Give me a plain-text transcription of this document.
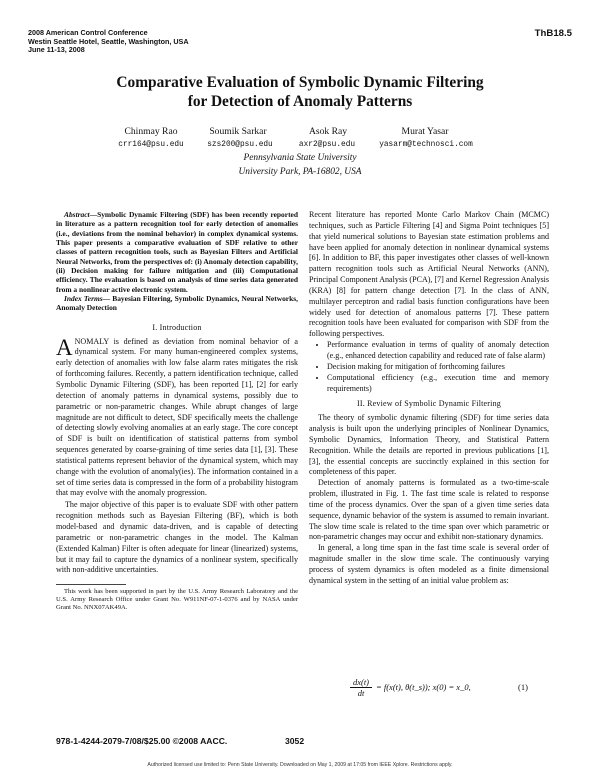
2008 American Control Conference
Westin Seattle Hotel, Seattle, Washington, USA
June 11-13, 2008
ThB18.5
Comparative Evaluation of Symbolic Dynamic Filtering
for Detection of Anomaly Patterns
Chinmay Rao	Soumik Sarkar	Asok Ray	Murat Yasar
crr164@psu.edu	szs200@psu.edu	axr2@psu.edu	yasarm@technosci.com
Pennsylvania State University
University Park, PA-16802, USA
Abstract—Symbolic Dynamic Filtering (SDF) has been recently reported in literature as a pattern recognition tool for early detection of anomalies (i.e., deviations from the nominal behavior) in complex dynamical systems. This paper presents a comparative evaluation of SDF relative to other classes of pattern recognition tools, such as Bayesian Filters and Artificial Neural Networks, from the perspectives of: (i) Anomaly detection capability, (ii) Decision making for failure mitigation and (iii) Computational efficiency. The evaluation is based on analysis of time series data generated from a nonlinear active electronic system.
Index Terms— Bayesian Filtering, Symbolic Dynamics, Neural Networks, Anomaly Detection
I. Introduction

ANOMALY is defined as deviation from nominal behavior of a dynamical system. For many human-engineered complex systems, early detection of anomalies with low false alarm rates mitigates the risk of forthcoming failures. Recently, a pattern identification technique, called Symbolic Dynamic Filtering (SDF), has been reported [1], [2] for early detection of anomaly patterns in dynamical systems, possibly due to parametric or non-parametric changes. While abrupt changes of large magnitude are not difficult to detect, SDF specifically meets the challenge of detecting slowly evolving anomalies at an early stage. The core concept of SDF is built on identification of statistical patterns from symbol sequences generated by coarse-graining of time series data [1], [3]. These statistical patterns represent behavior of the dynamical system, which may change with the evolution of anomaly(ies). The information contained in a set of time series data is compressed in the form of a probability histogram that may evolve with the anomaly progression.

The major objective of this paper is to evaluate SDF with other pattern recognition methods such as Bayesian Filtering (BF), which is both model-based and dynamic data-driven, and is capable of detecting parametric or non-parametric changes in the model. The Kalman (Extended Kalman) Filter is often adequate for linear (linearized) systems, but it may fail to capture the dynamics of a nonlinear system, specifically with non-additive uncertainties.

This work has been supported in part by the U.S. Army Research Laboratory and the U.S. Army Research Office under Grant No. W911NF-07-1-0376 and by NASA under Grant No. NNX07AK49A.

Recent literature has reported Monte Carlo Markov Chain (MCMC) techniques, such as Particle Filtering [4] and Sigma Point techniques [5] that yield numerical solutions to Bayesian state estimation problems and have been applied for anomaly detection in nonlinear dynamical systems [6]. In addition to BF, this paper investigates other classes of well-known pattern recognition tools such as Artificial Neural Networks (ANN), Principal Component Analysis (PCA), [7] and Kernel Regression Analysis (KRA) [8] for pattern change detection [7]. In the class of ANN, multilayer perceptron and radial basis function configurations have been widely used for detection of anomalous patterns [7]. These pattern recognition tools have been evaluated for comparison with SDF from the following perspectives.

• Performance evaluation in terms of quality of anomaly detection (e.g., enhanced detection capability and reduced rate of false alarm)
• Decision making for mitigation of forthcoming failures
• Computational efficiency (e.g., execution time and memory requirements)
II. Review of Symbolic Dynamic Filtering

The theory of symbolic dynamic filtering (SDF) for time series data analysis is built upon the underlying principles of Nonlinear Dynamics, Symbolic Dynamics, Information Theory, and Statistical Pattern Recognition. While the details are reported in previous publications [1], [3], the essential concepts are succinctly explained in this section for completeness of this paper.

Detection of anomaly patterns is formulated as a two-time-scale problem, illustrated in Fig. 1. The fast time scale is related to response time of the process dynamics. Over the span of a given time series data sequence, dynamic behavior of the system is assumed to remain invariant. The slow time scale is related to the time span over which parametric or non-parametric changes may occur and exhibit non-stationary dynamics.

In general, a long time span in the fast time scale is several order of magnitude smaller in the slow time scale. The continuously varying process of system dynamics is often modeled as a finite dimensional dynamical system in the setting of an initial value problem as:

$\frac{dx(t)}{dt} = f(x(t)$, θ(t_s)); x(0) = x_0,	(1)
978-1-4244-2079-7/08/$25.00 ©2008 AACC.	3052
Authorized licensed use limited to: Penn State University. Downloaded on May 1, 2009 at 17:05 from IEEE Xplore. Restrictions apply.
